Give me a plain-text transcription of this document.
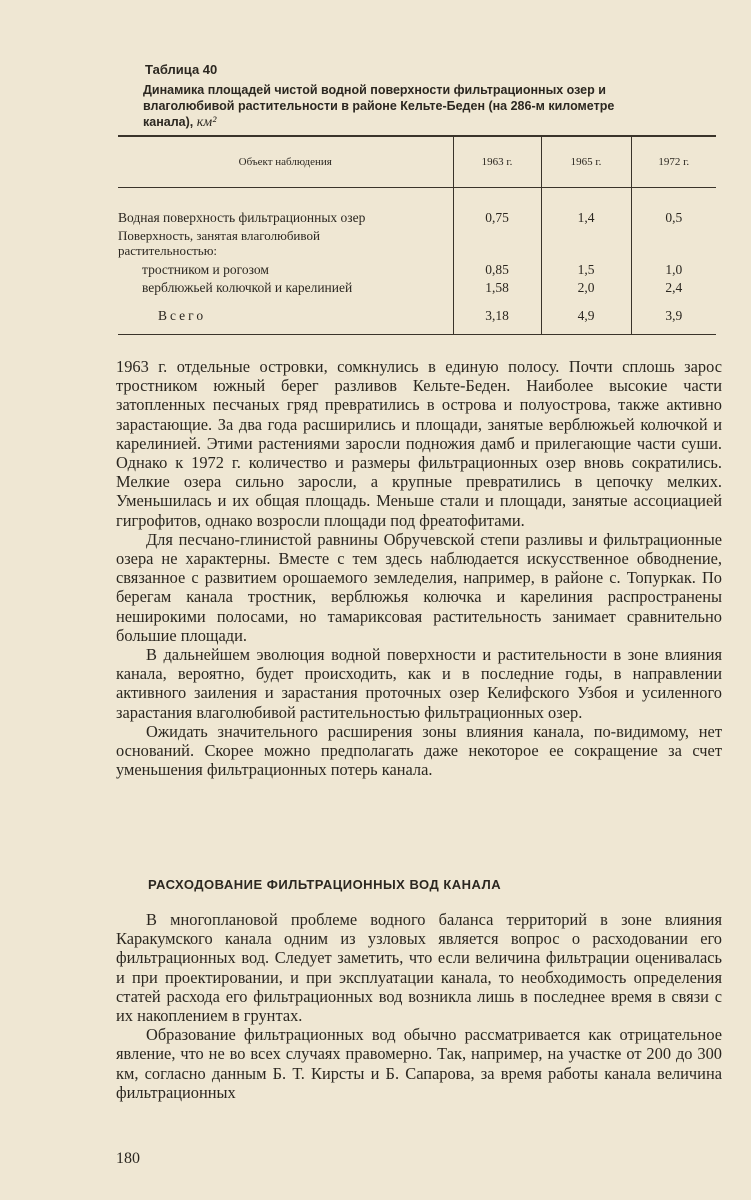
Таблица 40
Динамика площадей чистой водной поверхности фильтрационных озер и влаголюбивой растительности в районе Кельте-Беден (на 286-м километре канала), км²
Объект наблюдения	1963 г.	1965 г.	1972 г.
Водная поверхность фильтрационных озер	0,75	1,4	0,5
Поверхность, занятая влаголюбивой растительностью:			
тростником и рогозом	0,85	1,5	1,0
верблюжьей колючкой и карелинией	1,58	2,0	2,4
Всего	3,18	4,9	3,9

1963 г. отдельные островки, сомкнулись в единую полосу. Почти сплошь зарос тростником южный берег разливов Кельте-Беден. Наиболее высокие части затопленных песчаных гряд превратились в острова и полуострова, также активно зарастающие. За два года расширились и площади, занятые верблюжьей колючкой и карелинией. Этими растениями заросли подножия дамб и прилегающие части суши. Однако к 1972 г. количество и размеры фильтрационных озер вновь сократились. Мелкие озера сильно заросли, а крупные превратились в цепочку мелких. Уменьшилась и их общая площадь. Меньше стали и площади, занятые ассоциацией гигрофитов, однако возросли площади под фреатофитами.

Для песчано-глинистой равнины Обручевской степи разливы и фильтрационные озера не характерны. Вместе с тем здесь наблюдается искусственное обводнение, связанное с развитием орошаемого земледелия, например, в районе с. Топуркак. По берегам канала тростник, верблюжья колючка и карелиния распространены неширокими полосами, но тамариксовая растительность занимает сравнительно большие площади.

В дальнейшем эволюция водной поверхности и растительности в зоне влияния канала, вероятно, будет происходить, как и в последние годы, в направлении активного заиления и зарастания проточных озер Келифского Узбоя и усиленного зарастания влаголюбивой растительностью фильтрационных озер.

Ожидать значительного расширения зоны влияния канала, по-видимому, нет оснований. Скорее можно предполагать даже некоторое ее сокращение за счет уменьшения фильтрационных потерь канала.

РАСХОДОВАНИЕ ФИЛЬТРАЦИОННЫХ ВОД КАНАЛА

В многоплановой проблеме водного баланса территорий в зоне влияния Каракумского канала одним из узловых является вопрос о расходовании его фильтрационных вод. Следует заметить, что если величина фильтрации оценивалась и при проектировании, и при эксплуатации канала, то необходимость определения статей расхода его фильтрационных вод возникла лишь в последнее время в связи с их накоплением в грунтах.

Образование фильтрационных вод обычно рассматривается как отрицательное явление, что не во всех случаях правомерно. Так, например, на участке от 200 до 300 км, согласно данным Б. Т. Кирсты и Б. Сапарова, за время работы канала величина фильтрационных

180
